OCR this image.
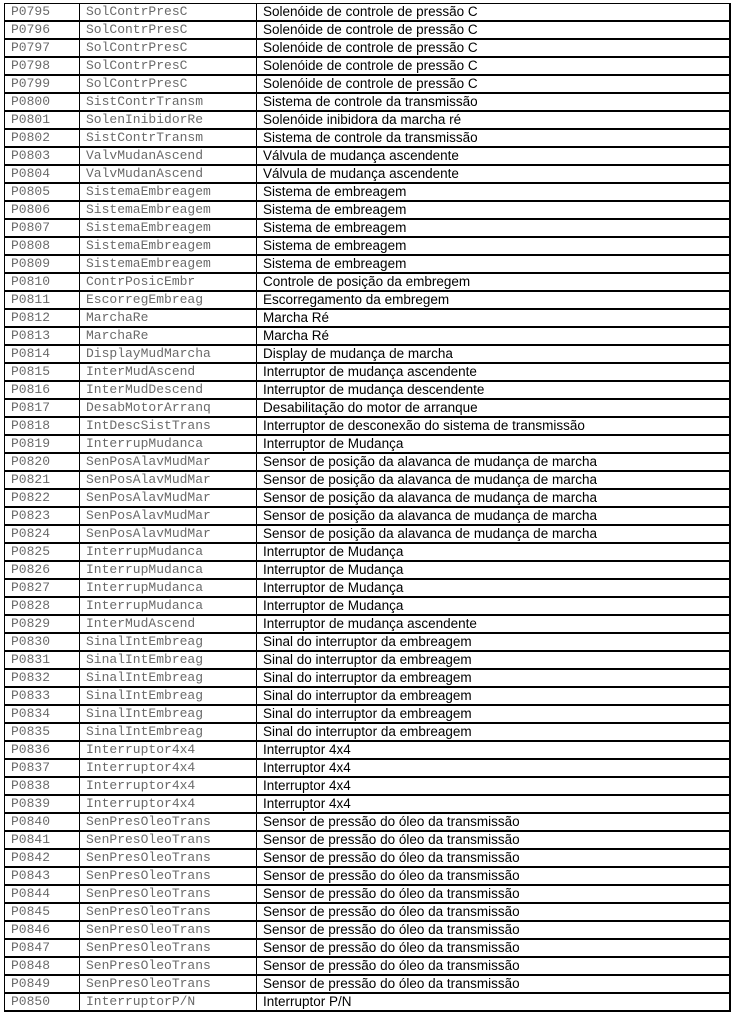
P0795	SolContrPresC	Solenóide de controle de pressão C
P0796	SolContrPresC	Solenóide de controle de pressão C
P0797	SolContrPresC	Solenóide de controle de pressão C
P0798	SolContrPresC	Solenóide de controle de pressão C
P0799	SolContrPresC	Solenóide de controle de pressão C
P0800	SistContrTransm	Sistema de controle da transmissão
P0801	SolenInibidorRe	Solenóide inibidora da marcha ré
P0802	SistContrTransm	Sistema de controle da transmissão
P0803	ValvMudanAscend	Válvula de mudança ascendente
P0804	ValvMudanAscend	Válvula de mudança ascendente
P0805	SistemaEmbreagem	Sistema de embreagem
P0806	SistemaEmbreagem	Sistema de embreagem
P0807	SistemaEmbreagem	Sistema de embreagem
P0808	SistemaEmbreagem	Sistema de embreagem
P0809	SistemaEmbreagem	Sistema de embreagem
P0810	ContrPosicEmbr	Controle de posição da embregem
P0811	EscorregEmbreag	Escorregamento da embregem
P0812	MarchaRe	Marcha Ré
P0813	MarchaRe	Marcha Ré
P0814	DisplayMudMarcha	Display de mudança de marcha
P0815	InterMudAscend	Interruptor de mudança ascendente
P0816	InterMudDescend	Interruptor de mudança descendente
P0817	DesabMotorArranq	Desabilitação do motor de arranque
P0818	IntDescSistTrans	Interruptor de desconexão do sistema de transmissão
P0819	InterrupMudanca	Interruptor de Mudança
P0820	SenPosAlavMudMar	Sensor de posição da alavanca de mudança de marcha
P0821	SenPosAlavMudMar	Sensor de posição da alavanca de mudança de marcha
P0822	SenPosAlavMudMar	Sensor de posição da alavanca de mudança de marcha
P0823	SenPosAlavMudMar	Sensor de posição da alavanca de mudança de marcha
P0824	SenPosAlavMudMar	Sensor de posição da alavanca de mudança de marcha
P0825	InterrupMudanca	Interruptor de Mudança
P0826	InterrupMudanca	Interruptor de Mudança
P0827	InterrupMudanca	Interruptor de Mudança
P0828	InterrupMudanca	Interruptor de Mudança
P0829	InterMudAscend	Interruptor de mudança ascendente
P0830	SinalIntEmbreag	Sinal do interruptor da embreagem
P0831	SinalIntEmbreag	Sinal do interruptor da embreagem
P0832	SinalIntEmbreag	Sinal do interruptor da embreagem
P0833	SinalIntEmbreag	Sinal do interruptor da embreagem
P0834	SinalIntEmbreag	Sinal do interruptor da embreagem
P0835	SinalIntEmbreag	Sinal do interruptor da embreagem
P0836	Interruptor4x4	Interruptor 4x4
P0837	Interruptor4x4	Interruptor 4x4
P0838	Interruptor4x4	Interruptor 4x4
P0839	Interruptor4x4	Interruptor 4x4
P0840	SenPresOleoTrans	Sensor de pressão do óleo da transmissão
P0841	SenPresOleoTrans	Sensor de pressão do óleo da transmissão
P0842	SenPresOleoTrans	Sensor de pressão do óleo da transmissão
P0843	SenPresOleoTrans	Sensor de pressão do óleo da transmissão
P0844	SenPresOleoTrans	Sensor de pressão do óleo da transmissão
P0845	SenPresOleoTrans	Sensor de pressão do óleo da transmissão
P0846	SenPresOleoTrans	Sensor de pressão do óleo da transmissão
P0847	SenPresOleoTrans	Sensor de pressão do óleo da transmissão
P0848	SenPresOleoTrans	Sensor de pressão do óleo da transmissão
P0849	SenPresOleoTrans	Sensor de pressão do óleo da transmissão
P0850	InterruptorP/N	Interruptor P/N
